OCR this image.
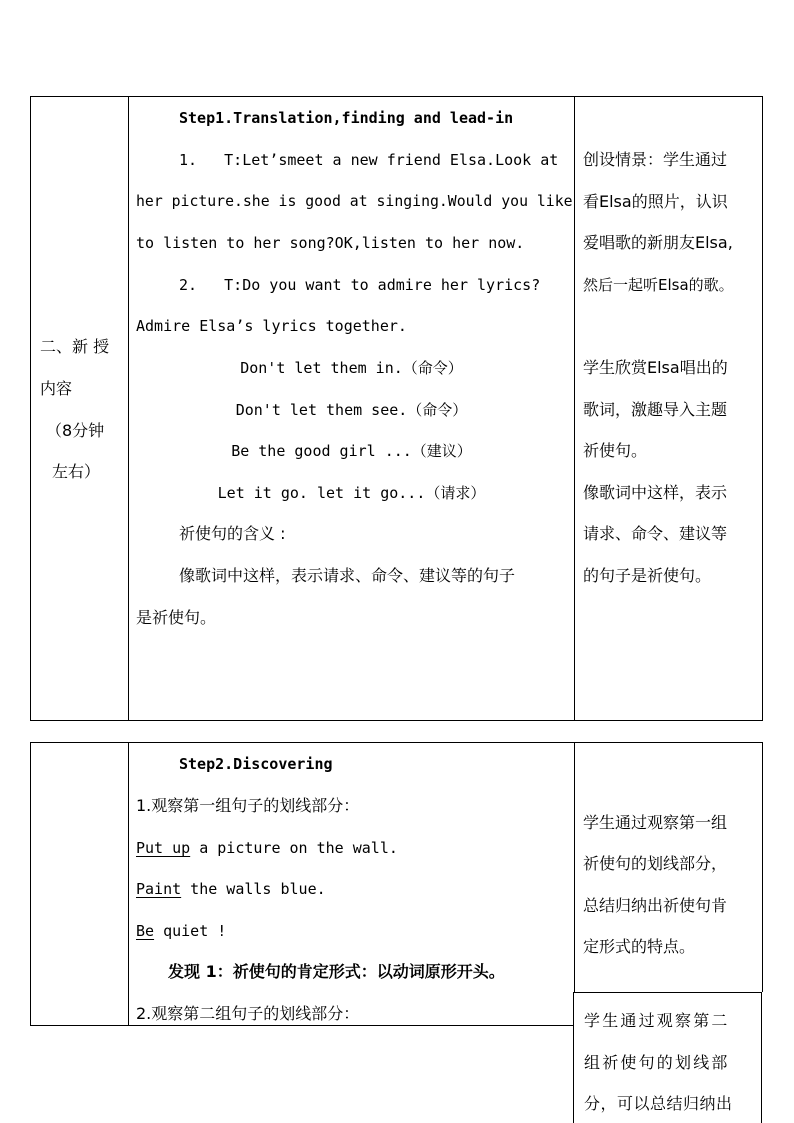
二、新 授
内容
（8分钟
左右）
Step1.Translation,finding and lead-in
1.   T:Let’smeet a new friend Elsa.Look at
her picture.she is good at singing.Would you like
to listen to her song?OK,listen to her now.
2.   T:Do you want to admire her lyrics?
Admire Elsa’s lyrics together.
Don't let them in.（命令）
Don't let them see.（命令）
Be the good girl ...（建议）
Let it go. let it go...（请求）
祈使句的含义 :
像歌词中这样，表示请求、命令、建议等的句子
是祈使句。
创设情景：学生通过
看Elsa的照片，认识
爱唱歌的新朋友Elsa,
然后一起听Elsa的歌。
学生欣赏Elsa唱出的
歌词，激趣导入主题
祈使句。
像歌词中这样，表示
请求、命令、建议等
的句子是祈使句。
Step2.Discovering
1.观察第一组句子的划线部分：
Put up a picture on the wall.
Paint the walls blue.
Be quiet !
发现 1：祈使句的肯定形式：以动词原形开头。
2.观察第二组句子的划线部分：
学生通过观察第一组
祈使句的划线部分，
总结归纳出祈使句肯
定形式的特点。
学生通过观察第二
组祈使句的划线部
分，可以总结归纳出
